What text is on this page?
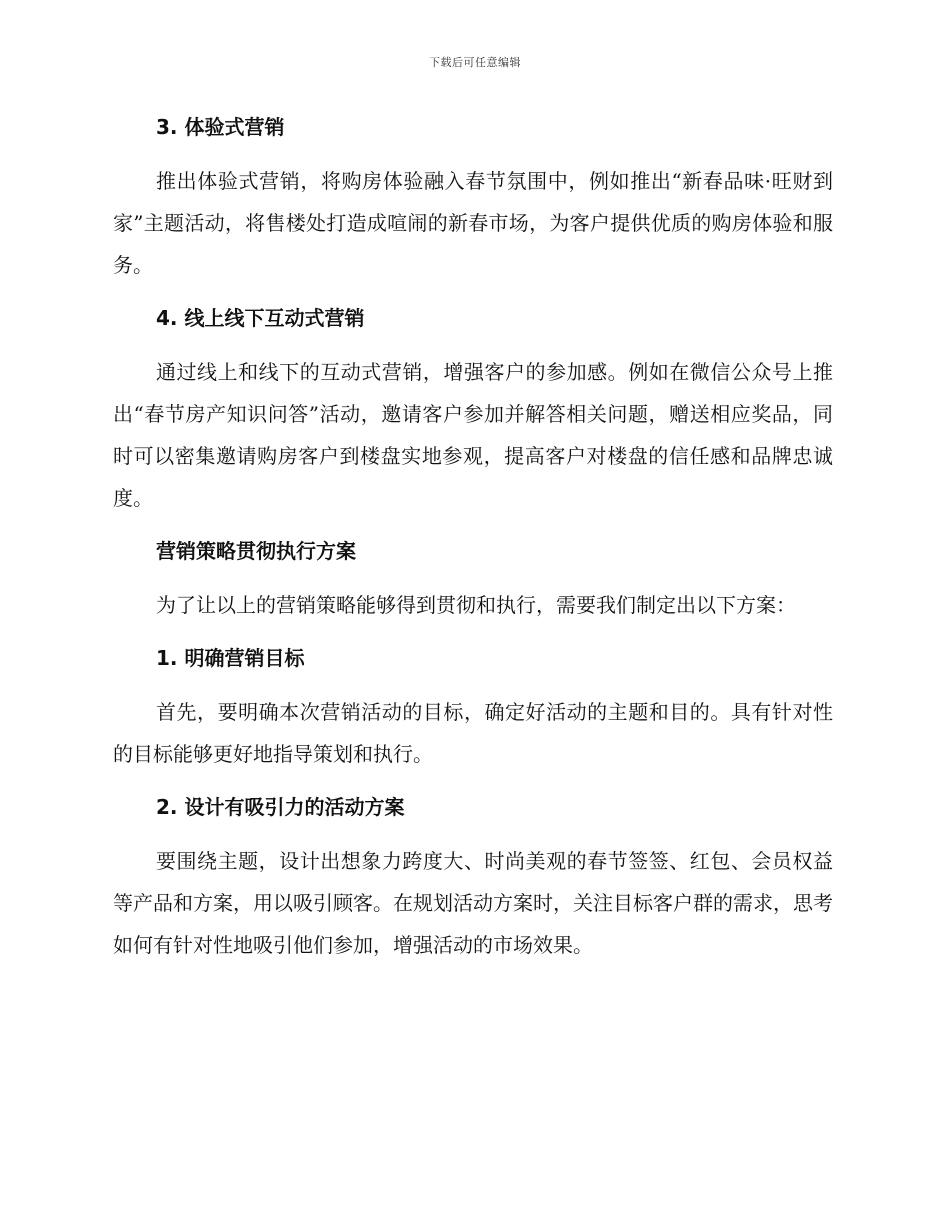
下载后可任意编辑
3. 体验式营销

推出体验式营销，将购房体验融入春节氛围中，例如推出“新春品味·旺财到家”主题活动，将售楼处打造成喧闹的新春市场，为客户提供优质的购房体验和服务。

4. 线上线下互动式营销

通过线上和线下的互动式营销，增强客户的参加感。例如在微信公众号上推出“春节房产知识问答”活动，邀请客户参加并解答相关问题，赠送相应奖品，同时可以密集邀请购房客户到楼盘实地参观，提高客户对楼盘的信任感和品牌忠诚度。

营销策略贯彻执行方案

为了让以上的营销策略能够得到贯彻和执行，需要我们制定出以下方案：

1. 明确营销目标

首先，要明确本次营销活动的目标，确定好活动的主题和目的。具有针对性的目标能够更好地指导策划和执行。

2. 设计有吸引力的活动方案

要围绕主题，设计出想象力跨度大、时尚美观的春节签签、红包、会员权益等产品和方案，用以吸引顾客。在规划活动方案时，关注目标客户群的需求，思考如何有针对性地吸引他们参加，增强活动的市场效果。
